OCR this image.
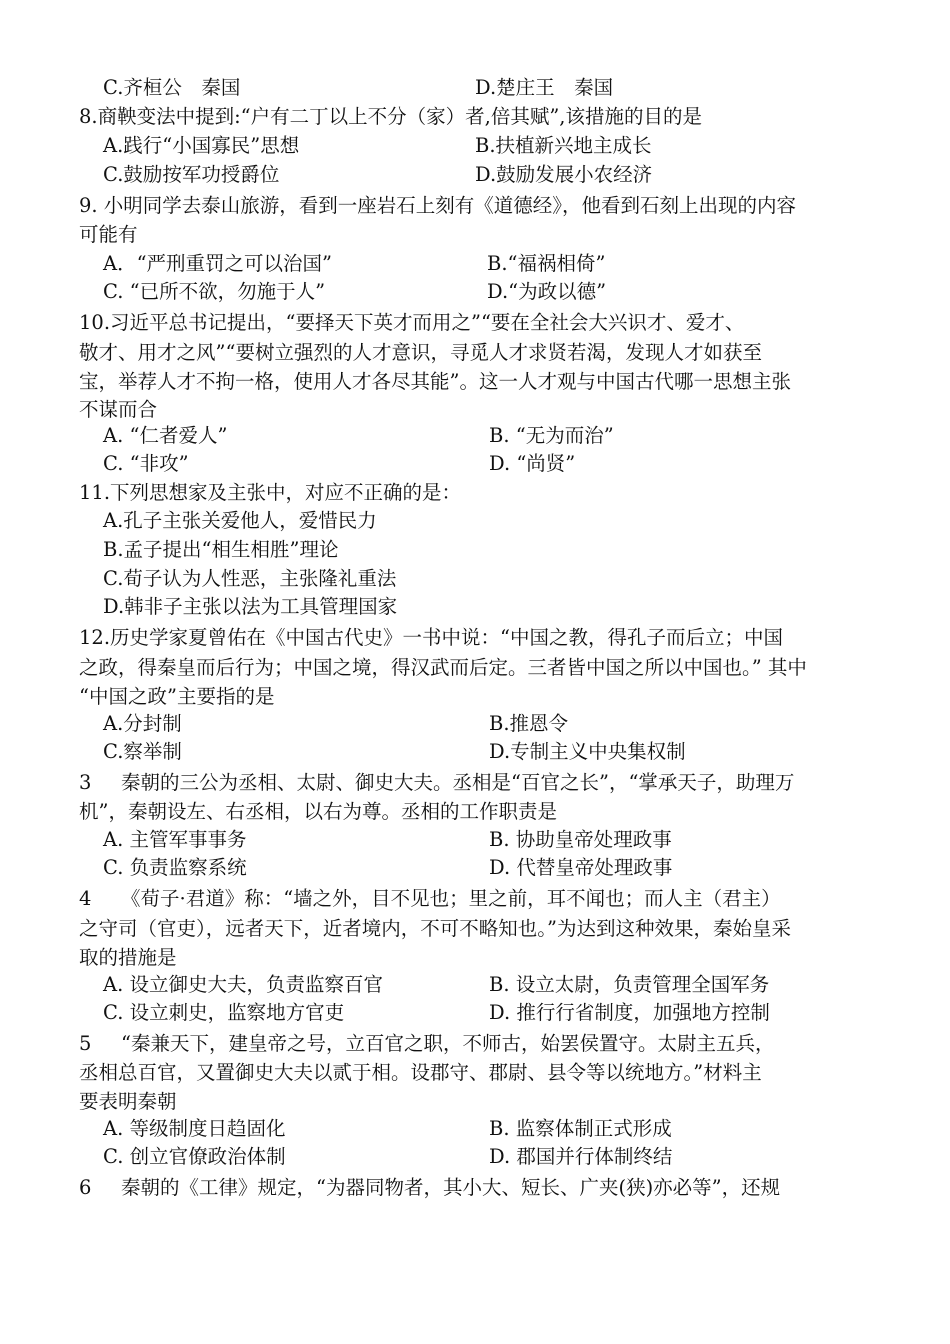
C.齐桓公　秦国	D.楚庄王　秦国
8.商鞅变法中提到:“户有二丁以上不分（家）者,倍其赋”,该措施的目的是
A.践行“小国寡民”思想	B.扶植新兴地主成长
C.鼓励按军功授爵位	D.鼓励发展小农经济
9. 小明同学去泰山旅游，看到一座岩石上刻有《道德经》，他看到石刻上出现的内容
可能有
A．“严刑重罚之可以治国”	B.“福祸相倚”
C. “已所不欲，勿施于人”	D.“为政以德”
10.习近平总书记提出，“要择天下英才而用之”“要在全社会大兴识才、爱才、
敬才、用才之风”“要树立强烈的人才意识，寻觅人才求贤若渴，发现人才如获至
宝，举荐人才不拘一格，使用人才各尽其能”。这一人才观与中国古代哪一思想主张
不谋而合
A. “仁者爱人”	B. “无为而治”
C. “非攻”	D. “尚贤”
11.下列思想家及主张中，对应不正确的是：
A.孔子主张关爱他人，爱惜民力
B.孟子提出“相生相胜”理论
C.荀子认为人性恶，主张隆礼重法
D.韩非子主张以法为工具管理国家
12.历史学家夏曾佑在《中国古代史》一书中说：“中国之教，得孔子而后立；中国
之政，得秦皇而后行为；中国之境，得汉武而后定。三者皆中国之所以中国也。” 其中
“中国之政”主要指的是
A.分封制	B.推恩令
C.察举制	D.专制主义中央集权制
3 秦朝的三公为丞相、太尉、御史大夫。丞相是“百官之长”，“掌承天子，助理万
机”，秦朝设左、右丞相，以右为尊。丞相的工作职责是
A. 主管军事事务	B. 协助皇帝处理政事
C. 负责监察系统	D. 代替皇帝处理政事
4 《荀子·君道》称：“墙之外，目不见也；里之前，耳不闻也；而人主（君主）
之守司（官吏），远者天下，近者境内，不可不略知也。”为达到这种效果，秦始皇采
取的措施是
A. 设立御史大夫，负责监察百官	B. 设立太尉，负责管理全国军务
C. 设立刺史，监察地方官吏	D. 推行行省制度，加强地方控制
5 “秦兼天下，建皇帝之号，立百官之职，不师古，始罢侯置守。太尉主五兵，
丞相总百官，又置御史大夫以贰于相。设郡守、郡尉、县令等以统地方。”材料主
要表明秦朝
A. 等级制度日趋固化	B. 监察体制正式形成
C. 创立官僚政治体制	D. 郡国并行体制终结
6 秦朝的《工律》规定，“为器同物者，其小大、短长、广夹(狭)亦必等”，还规
